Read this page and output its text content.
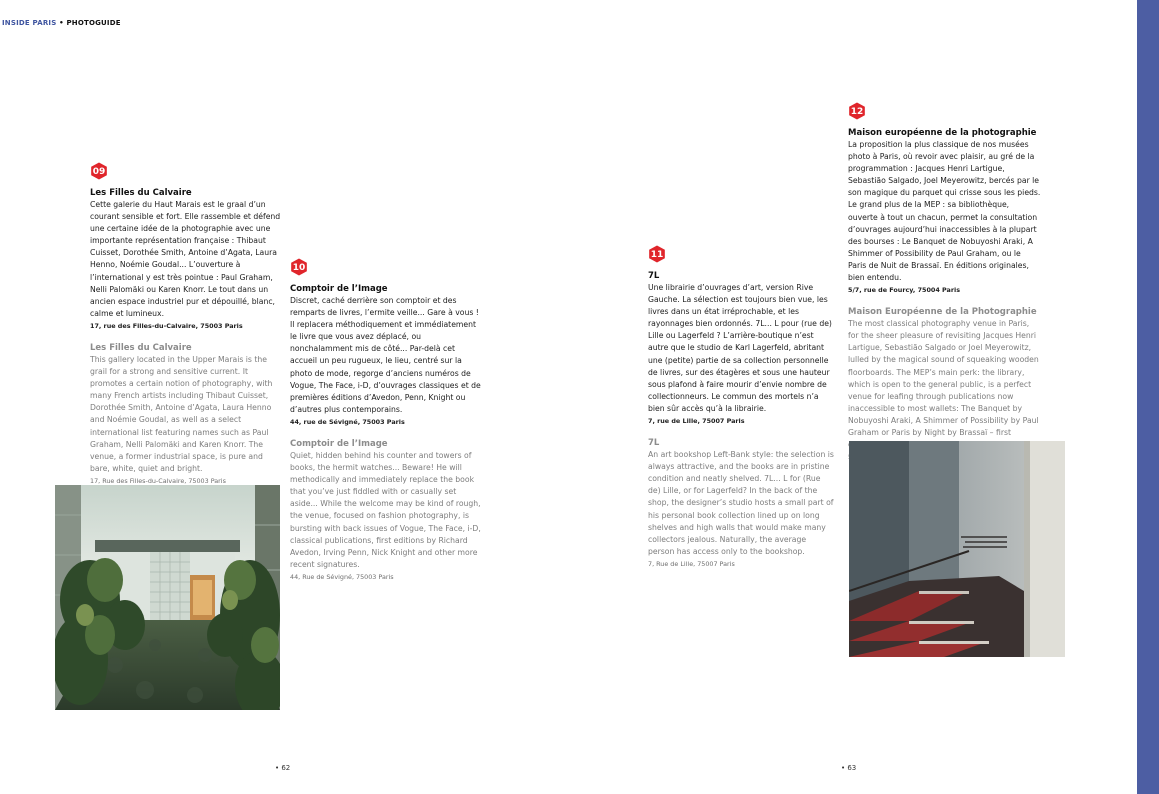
INSIDE PARIS • PHOTOGUIDE
09
Les Filles du Calvaire

Cette galerie du Haut Marais est le graal d’un courant sensible et fort. Elle rassemble et défend une certaine idée de la photographie avec une importante représentation française : Thibaut Cuisset, Dorothée Smith, Antoine d’Agata, Laura Henno, Noémie Goudal... L’ouverture à l’international y est très pointue : Paul Graham, Nelli Palomäki ou Karen Knorr. Le tout dans un ancien espace industriel pur et dépouillé, blanc, calme et lumineux.

17, rue des Filles-du-Calvaire, 75003 Paris
Les Filles du Calvaire

This gallery located in the Upper Marais is the grail for a strong and sensitive current. It promotes a certain notion of photography, with many French artists including Thibaut Cuisset, Dorothée Smith, Antoine d’Agata, Laura Henno and Noémie Goudal, as well as a select international list featuring names such as Paul Graham, Nelli Palomäki and Karen Knorr. The venue, a former industrial space, is pure and bare, white, quiet and bright.

17, Rue des Filles-du-Calvaire, 75003 Paris
10
Comptoir de l’Image

Discret, caché derrière son comptoir et des remparts de livres, l’ermite veille... Gare à vous ! Il replacera méthodiquement et immédiatement le livre que vous avez déplacé, ou nonchalamment mis de côté... Par-delà cet accueil un peu rugueux, le lieu, centré sur la photo de mode, regorge d’anciens numéros de Vogue, The Face, i-D, d’ouvrages classiques et de premières éditions d’Avedon, Penn, Knight ou d’autres plus contemporains.

44, rue de Sévigné, 75003 Paris
Comptoir de l’Image

Quiet, hidden behind his counter and towers of books, the hermit watches... Beware! He will methodically and immediately replace the book that you’ve just fiddled with or casually set aside... While the welcome may be kind of rough, the venue, focused on fashion photography, is bursting with back issues of Vogue, The Face, i-D, classical publications, first editions by Richard Avedon, Irving Penn, Nick Knight and other more recent signatures.

44, Rue de Sévigné, 75003 Paris
11
7L

Une librairie d’ouvrages d’art, version Rive Gauche. La sélection est toujours bien vue, les livres dans un état irréprochable, et les rayonnages bien ordonnés. 7L... L pour (rue de) Lille ou Lagerfeld ? L’arrière-boutique n’est autre que le studio de Karl Lagerfeld, abritant une (petite) partie de sa collection personnelle de livres, sur des étagères et sous une hauteur sous plafond à faire mourir d’envie nombre de collectionneurs. Le commun des mortels n’a bien sûr accès qu’à la librairie.

7, rue de Lille, 75007 Paris
7L

An art bookshop Left-Bank style: the selection is always attractive, and the books are in pristine condition and neatly shelved. 7L... L for (Rue de) Lille, or for Lagerfeld? In the back of the shop, the designer’s studio hosts a small part of his personal book collection lined up on long shelves and high walls that would make many collectors jealous. Naturally, the average person has access only to the bookshop.

7, Rue de Lille, 75007 Paris
12
Maison européenne de la photographie

La proposition la plus classique de nos musées photo à Paris, où revoir avec plaisir, au gré de la programmation : Jacques Henri Lartigue, Sebastião Salgado, Joel Meyerowitz, bercés par le son magique du parquet qui crisse sous les pieds. Le grand plus de la MEP : sa bibliothèque, ouverte à tout un chacun, permet la consultation d’ouvrages aujourd’hui inaccessibles à la plupart des bourses : Le Banquet de Nobuyoshi Araki, A Shimmer of Possibility de Paul Graham, ou le Paris de Nuit de Brassaï. En éditions originales, bien entendu.

5/7, rue de Fourcy, 75004 Paris
Maison Européenne de la Photographie

The most classical photography venue in Paris, for the sheer pleasure of revisiting Jacques Henri Lartigue, Sebastião Salgado or Joel Meyerowitz, lulled by the magical sound of squeaking wooden floorboards. The MEP’s main perk: the library, which is open to the general public, is a perfect venue for leafing through publications now inaccessible to most wallets: The Banquet by Nobuyoshi Araki, A Shimmer of Possibility by Paul Graham or Paris by Night by Brassaï – first

• 62	• 63
